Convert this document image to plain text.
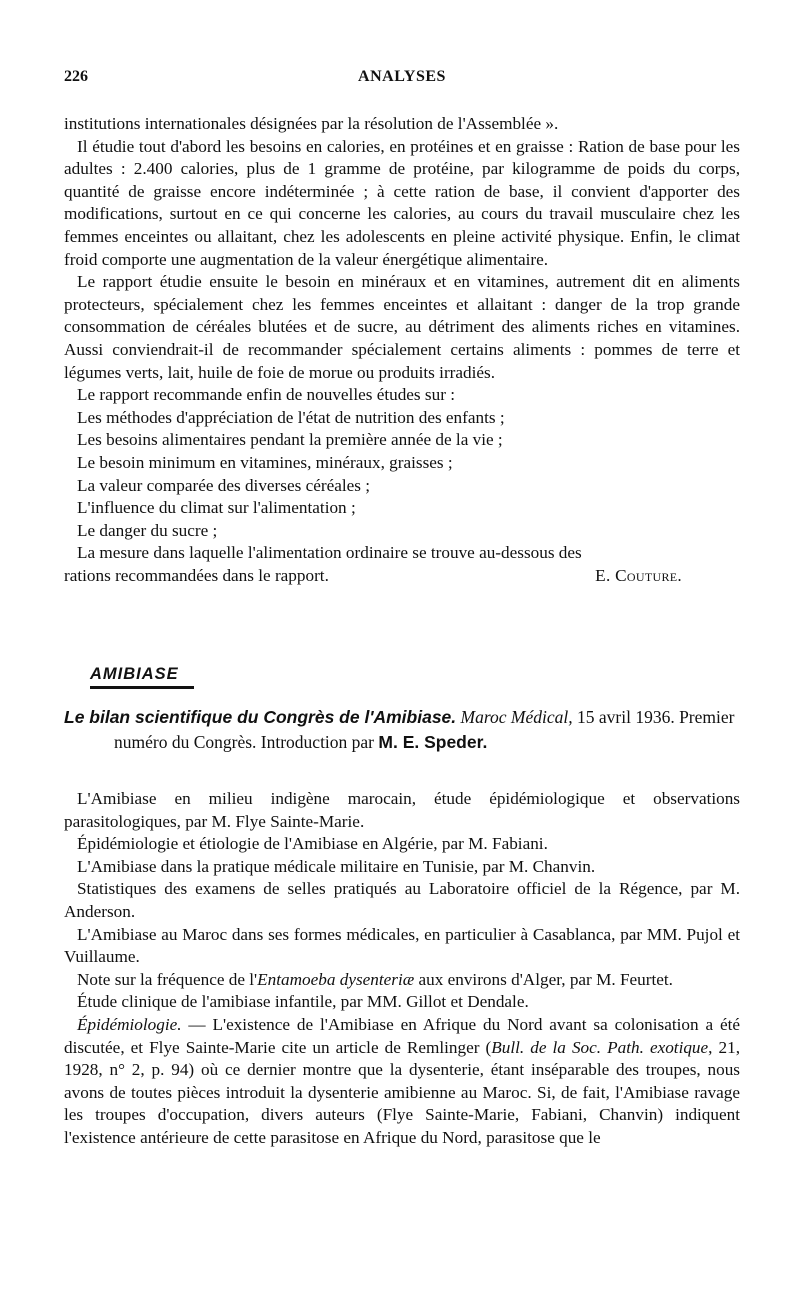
226	ANALYSES

institutions internationales désignées par la résolution de l'Assemblée ».

Il étudie tout d'abord les besoins en calories, en protéines et en graisse : Ration de base pour les adultes : 2.400 calories, plus de 1 gramme de protéine, par kilogramme de poids du corps, quantité de graisse encore indéterminée ; à cette ration de base, il convient d'apporter des modifications, surtout en ce qui concerne les calories, au cours du travail musculaire chez les femmes enceintes ou allaitant, chez les adolescents en pleine activité physique. Enfin, le climat froid comporte une augmentation de la valeur énergétique alimentaire.

Le rapport étudie ensuite le besoin en minéraux et en vitamines, autrement dit en aliments protecteurs, spécialement chez les femmes enceintes et allaitant : danger de la trop grande consommation de céréales blutées et de sucre, au détriment des aliments riches en vitamines. Aussi conviendrait-il de recommander spécialement certains aliments : pommes de terre et légumes verts, lait, huile de foie de morue ou produits irradiés.

Le rapport recommande enfin de nouvelles études sur :

Les méthodes d'appréciation de l'état de nutrition des enfants ;

Les besoins alimentaires pendant la première année de la vie ;

Le besoin minimum en vitamines, minéraux, graisses ;

La valeur comparée des diverses céréales ;

L'influence du climat sur l'alimentation ;

Le danger du sucre ;

La mesure dans laquelle l'alimentation ordinaire se trouve au-dessous des

rations recommandées dans le rapport.	E. Couture.
AMIBIASE

Le bilan scientifique du Congrès de l'Amibiase. Maroc Médical, 15 avril 1936. Premier numéro du Congrès. Introduction par M. E. Speder.

L'Amibiase en milieu indigène marocain, étude épidémiologique et observations parasitologiques, par M. Flye Sainte-Marie.

Épidémiologie et étiologie de l'Amibiase en Algérie, par M. Fabiani.

L'Amibiase dans la pratique médicale militaire en Tunisie, par M. Chanvin.

Statistiques des examens de selles pratiqués au Laboratoire officiel de la Régence, par M. Anderson.

L'Amibiase au Maroc dans ses formes médicales, en particulier à Casablanca, par MM. Pujol et Vuillaume.

Note sur la fréquence de l'Entamoeba dysenteriæ aux environs d'Alger, par M. Feurtet.

Étude clinique de l'amibiase infantile, par MM. Gillot et Dendale.

Épidémiologie. — L'existence de l'Amibiase en Afrique du Nord avant sa colonisation a été discutée, et Flye Sainte-Marie cite un article de Remlinger (Bull. de la Soc. Path. exotique, 21, 1928, n° 2, p. 94) où ce dernier montre que la dysenterie, étant inséparable des troupes, nous avons de toutes pièces introduit la dysenterie amibienne au Maroc. Si, de fait, l'Amibiase ravage les troupes d'occupation, divers auteurs (Flye Sainte-Marie, Fabiani, Chanvin) indiquent l'existence antérieure de cette parasitose en Afrique du Nord, parasitose que le
